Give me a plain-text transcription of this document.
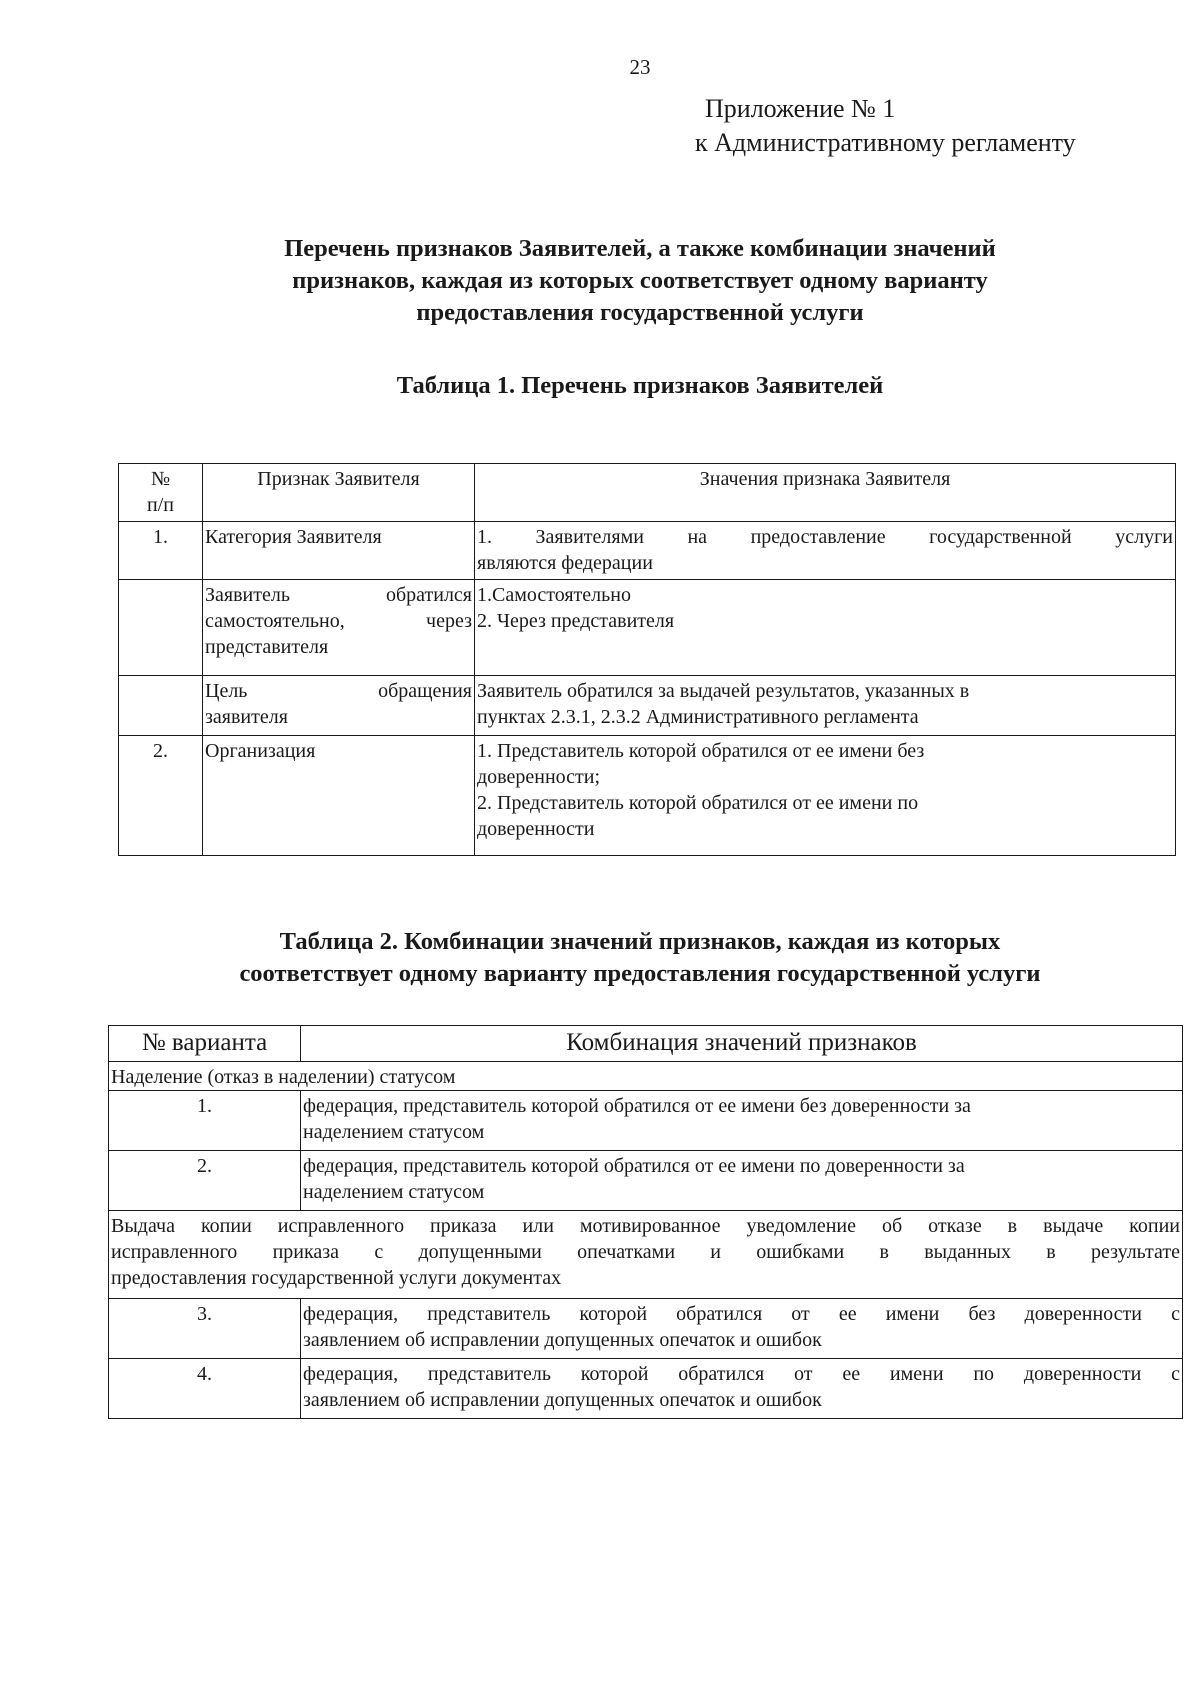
23
Приложение № 1
к Административному регламенту
Перечень признаков Заявителей, а также комбинации значений
признаков, каждая из которых соответствует одному варианту
предоставления государственной услуги
Таблица 1. Перечень признаков Заявителей
№
п/п	Признак Заявителя	Значения признака Заявителя
1.	Категория Заявителя	1. Заявителями на предоставление государственной услуги
являются федерации

	Заявитель обратился
самостоятельно, через
представителя	1.Самостоятельно
2. Через представителя

	Цель обращения
заявителя	Заявитель обратился за выдачей результатов, указанных в
пунктах 2.3.1, 2.3.2 Административного регламента

2.	Организация	1. Представитель которой обратился от ее имени без
доверенности;
2. Представитель которой обратился от ее имени по
доверенности
Таблица 2. Комбинации значений признаков, каждая из которых
соответствует одному варианту предоставления государственной услуги
№ варианта	Комбинация значений признаков
Наделение (отказ в наделении) статусом	
1.	федерация, представитель которой обратился от ее имени без доверенности за
наделением статусом

2.	федерация, представитель которой обратился от ее имени по доверенности за
наделением статусом

Выдача копии исправленного приказа или мотивированное уведомление об отказе в выдаче копии
исправленного приказа с допущенными опечатками и ошибками в выданных в результате
предоставления государственной услуги документах	

3.	федерация, представитель которой обратился от ее имени без доверенности с
заявлением об исправлении допущенных опечаток и ошибок

4.	федерация, представитель которой обратился от ее имени по доверенности с
заявлением об исправлении допущенных опечаток и ошибок
